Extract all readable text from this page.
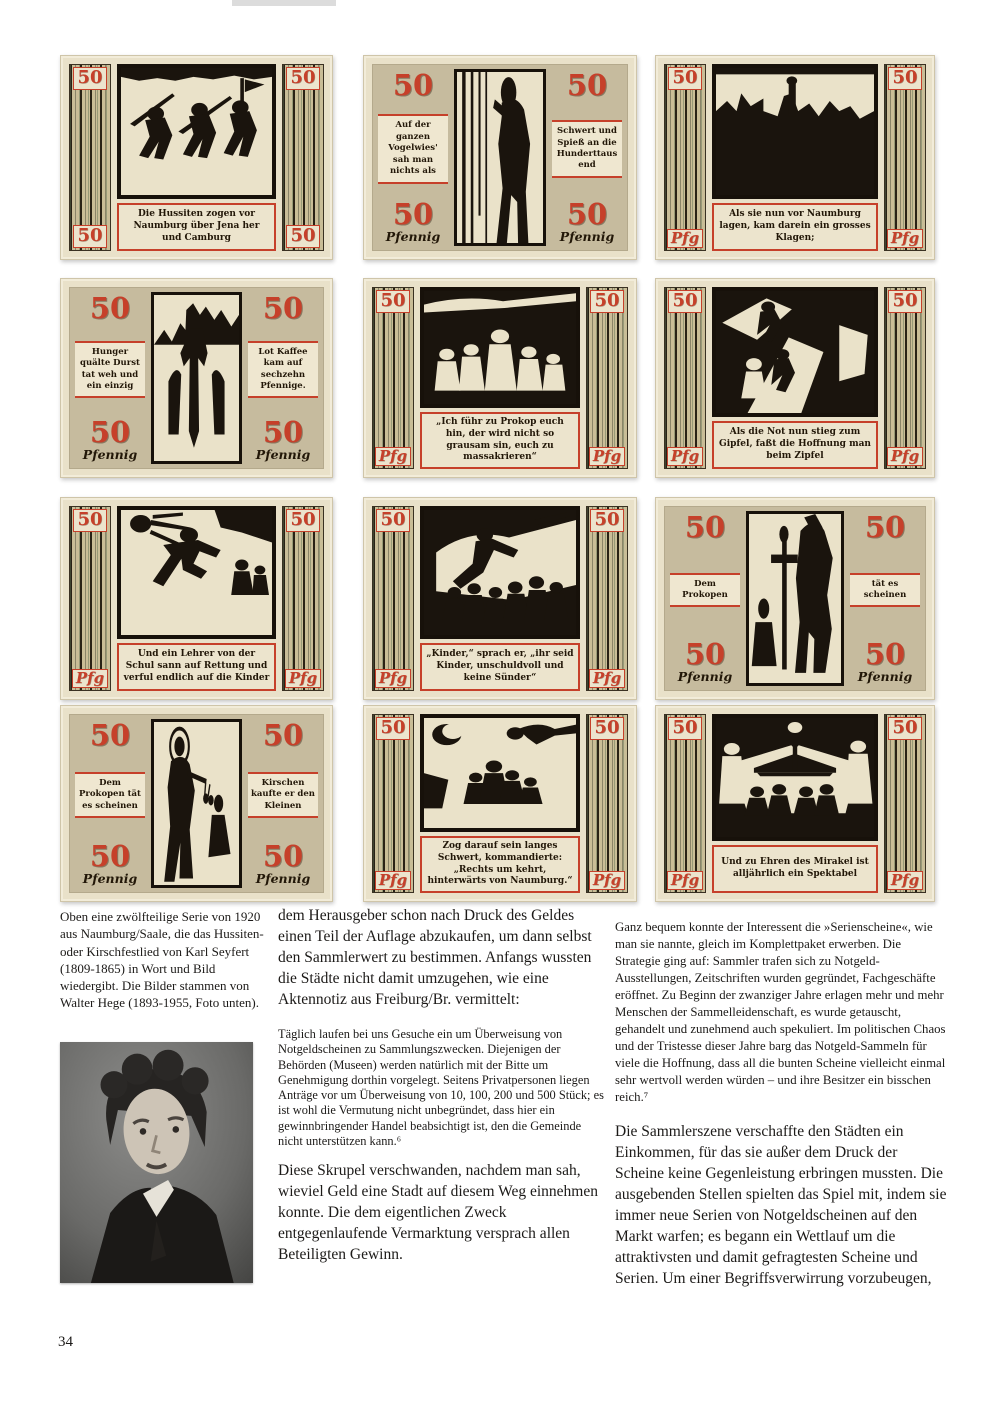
50
50
Die Hussiten zogen vor Naumburg über Jena her und Camburg
50
50
50
Auf der ganzen Vogelwies' sah man nichts als
50
Pfennig
50
Schwert und Spieß an die Hunderttausend
50
Pfennig
50
Pfg
Als sie nun vor Naumburg lagen, kam darein ein grosses Klagen;
50
Pfg
50
Hunger quälte Durst tat weh und ein einzig
50
Pfennig
50
Lot Kaffee kam auf sechzehn Pfennige.
50
Pfennig
50
Pfg
„Ich führ zu Prokop euch hin, der wird nicht so grausam sin, euch zu massakrieren“
50
Pfg
50
Pfg
Als die Not nun stieg zum Gipfel, faßt die Hoffnung man beim Zipfel
50
Pfg
50
Pfg
Und ein Lehrer von der Schul sann auf Rettung und verful endlich auf die Kinder
50
Pfg
50
Pfg
„Kinder,“ sprach er, „ihr seid Kinder, unschuldvoll und keine Sünder“
50
Pfg
50
Dem Prokopen
50
Pfennig
50
tät es scheinen
50
Pfennig
50
Dem Prokopen tät es scheinen
50
Pfennig
50
Kirschen kaufte er den Kleinen
50
Pfennig
50
Pfg
Zog darauf sein langes Schwert, kommandierte: „Rechts um kehrt, hinterwärts von Naumburg.“
50
Pfg
50
Pfg
Und zu Ehren des Mirakel ist alljährlich ein Spektabel
50
Pfg
Oben eine zwölfteilige Serie von 1920 aus Naumburg/Saale, die das Hussiten- oder Kirschfestlied von Karl Seyfert (1809-1865) in Wort und Bild wiedergibt. Die Bilder stammen von Walter Hege (1893-1955, Foto unten).

dem Herausgeber schon nach Druck des Geldes einen Teil der Auflage abzukaufen, um dann selbst den Sammlerwert zu bestimmen. Anfangs wussten die Städte nicht damit umzugehen, wie eine Aktennotiz aus Freiburg/Br. vermittelt:

Täglich laufen bei uns Gesuche ein um Überweisung von Notgeldscheinen zu Sammlungszwecken. Diejenigen der Behörden (Museen) werden natürlich mit der Bitte um Genehmigung dorthin vorgelegt. Seitens Privatpersonen liegen Anträge vor um Überweisung von 10, 100, 200 und 500 Stück; es ist wohl die Vermutung nicht unbegründet, dass hier ein gewinnbringender Handel beabsichtigt ist, den die Gemeinde nicht unterstützen kann.⁶

Diese Skrupel verschwanden, nachdem man sah, wieviel Geld eine Stadt auf diesem Weg einnehmen konnte. Die dem eigentlichen Zweck entgegenlaufende Vermarktung versprach allen Beteiligten Gewinn.

Ganz bequem konnte der Interessent die »Serienscheine«, wie man sie nannte, gleich im Komplettpaket erwerben. Die Strategie ging auf: Sammler trafen sich zu Notgeld-Ausstellungen, Zeitschriften wurden gegründet, Fachgeschäfte eröffnet. Zu Beginn der zwanziger Jahre erlagen mehr und mehr Menschen der Sammelleidenschaft, es wurde getauscht, gehandelt und zunehmend auch spekuliert. Im politischen Chaos und der Tristesse dieser Jahre barg das Notgeld-Sammeln für viele die Hoffnung, dass all die bunten Scheine vielleicht einmal sehr wertvoll werden würden – und ihre Besitzer ein bisschen reich.⁷

Die Sammlerszene verschaffte den Städten ein Einkommen, für das sie außer dem Druck der Scheine keine Gegenleistung erbringen mussten. Die ausgebenden Stellen spielten das Spiel mit, indem sie immer neue Serien von Notgeldscheinen auf den Markt warfen; es begann ein Wettlauf um die attraktivsten und damit gefragtesten Scheine und Serien. Um einer Begriffsverwirrung vorzubeugen,

34
